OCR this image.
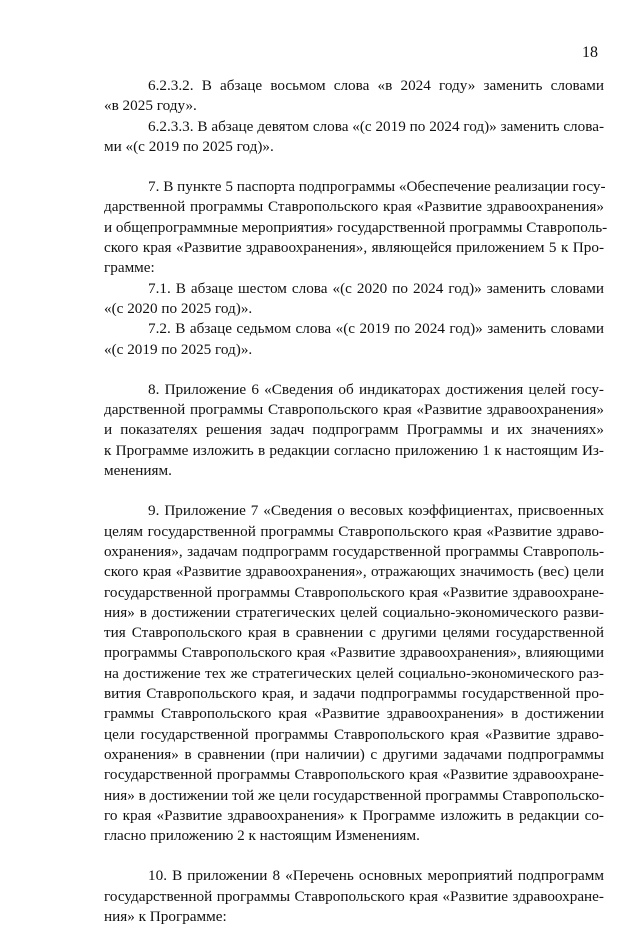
18
6.2.3.2. В абзаце восьмом слова «в 2024 году» заменить словами
«в 2025 году».
6.2.3.3. В абзаце девятом слова «(с 2019 по 2024 год)» заменить слова-
ми «(с 2019 по 2025 год)».
7. В пункте 5 паспорта подпрограммы «Обеспечение реализации госу-
дарственной программы Ставропольского края «Развитие здравоохранения»
и общепрограммные мероприятия» государственной программы Ставрополь-
ского края «Развитие здравоохранения», являющейся приложением 5 к Про-
грамме:
7.1. В абзаце шестом слова «(с 2020 по 2024 год)» заменить словами
«(с 2020 по 2025 год)».
7.2. В абзаце седьмом слова «(с 2019 по 2024 год)» заменить словами
«(с 2019 по 2025 год)».
8. Приложение 6 «Сведения об индикаторах достижения целей госу-
дарственной программы Ставропольского края «Развитие здравоохранения»
и показателях решения задач подпрограмм Программы и их значениях»
к Программе изложить в редакции согласно приложению 1 к настоящим Из-
менениям.
9. Приложение 7 «Сведения о весовых коэффициентах, присвоенных
целям государственной программы Ставропольского края «Развитие здраво-
охранения», задачам подпрограмм государственной программы Ставрополь-
ского края «Развитие здравоохранения», отражающих значимость (вес) цели
государственной программы Ставропольского края «Развитие здравоохране-
ния» в достижении стратегических целей социально-экономического разви-
тия Ставропольского края в сравнении с другими целями государственной
программы Ставропольского края «Развитие здравоохранения», влияющими
на достижение тех же стратегических целей социально-экономического раз-
вития Ставропольского края, и задачи подпрограммы государственной про-
граммы Ставропольского края «Развитие здравоохранения» в достижении
цели государственной программы Ставропольского края «Развитие здраво-
охранения» в сравнении (при наличии) с другими задачами подпрограммы
государственной программы Ставропольского края «Развитие здравоохране-
ния» в достижении той же цели государственной программы Ставропольско-
го края «Развитие здравоохранения» к Программе изложить в редакции со-
гласно приложению 2 к настоящим Изменениям.
10. В приложении 8 «Перечень основных мероприятий подпрограмм
государственной программы Ставропольского края «Развитие здравоохране-
ния» к Программе:
